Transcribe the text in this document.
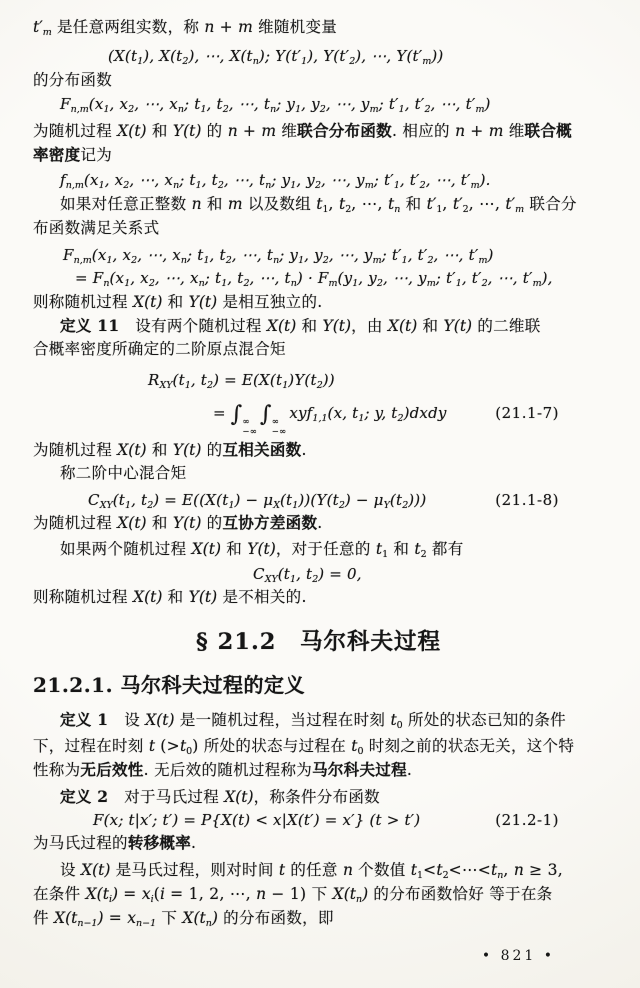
$t'_m$ 是任意两组实数，称 n + m 维随机变量
($X(t_1)$, $X(t_2)$, ⋯, $X(t_n)$; $Y(t'_1)$, $Y(t'_2)$, ⋯, $Y(t'_m)$)
的分布函数
$F_{n,m}(x_1$, $x_2$, ⋯, $x_n$; $t_1$, $t_2$, ⋯, $t_n$; $y_1$, $y_2$, ⋯, $y_m$; $t'_1$, $t'_2$, ⋯, $t'_m$)
为随机过程 X(t) 和 Y(t) 的 n + m 维联合分布函数. 相应的 n + m 维联合概
率密度记为
$f_{n,m}(x_1$, $x_2$, ⋯, $x_n$; $t_1$, $t_2$, ⋯, $t_n$; $y_1$, $y_2$, ⋯, $y_m$; $t'_1$, $t'_2$, ⋯, $t'_m$).
如果对任意正整数 n 和 m 以及数组 $t_1$, $t_2$, ⋯, $t_n$ 和 $t'_1$, $t'_2$, ⋯, $t'_m$ 联合分
布函数满足关系式
$F_{n,m}(x_1$, $x_2$, ⋯, $x_n$; $t_1$, $t_2$, ⋯, $t_n$; $y_1$, $y_2$, ⋯, $y_m$; $t'_1$, $t'_2$, ⋯, $t'_m$)
= $F_n(x_1$, $x_2$, ⋯, $x_n$; $t_1$, $t_2$, ⋯, $t_n) \cdot F_m(y_1$, $y_2$, ⋯, $y_m$; $t'_1$, $t'_2$, ⋯, $t'_m$),
则称随机过程 X(t) 和 Y(t) 是相互独立的.
定义 11　设有两个随机过程 X(t) 和 Y(t)，由 X(t) 和 Y(t) 的二维联
合概率密度所确定的二阶原点混合矩
$R_{XY}(t_1$, $t_2) = E(X(t_1)Y(t_2))$
= ∫ ∞
−∞
∫ ∞
−∞
xyf$_{1,1}$(x, $t_1$; y, $t_2)dxdy$	(21.1-7)
为随机过程 X(t) 和 Y(t) 的互相关函数.
称二阶中心混合矩
$C_{XY}(t_1$, $t_2) = E((X(t_1) - \mu_X(t_1))(Y(t_2) - \mu_Y(t_2)))$	(21.1-8)
为随机过程 X(t) 和 Y(t) 的互协方差函数.
如果两个随机过程 X(t) 和 Y(t)，对于任意的 $t_1$ 和 $t_2$ 都有
$C_{XY}(t_1$, $t_2) = 0$,
则称随机过程 X(t) 和 Y(t) 是不相关的.
§ 21.2　马尔科夫过程
21.2.1. 马尔科夫过程的定义
定义 1　设 X(t) 是一随机过程，当过程在时刻 $t_0$ 所处的状态已知的条件
下，过程在时刻 t $(>t_0)$ 所处的状态与过程在 $t_0$ 时刻之前的状态无关，这个特
性称为无后效性. 无后效的随机过程称为马尔科夫过程.
定义 2　对于马氏过程 X(t)，称条件分布函数
F(x; t|x′; t′) = P{X(t) < x|X(t′) = x′} (t > t′)	(21.2-1)
为马氏过程的转移概率.
设 X(t) 是马氏过程，则对时间 t 的任意 n 个数值 $t_1<t_2<\cdots<t_n$, n ≥ 3,
在条件 $X(t_i) = x_i(i = 1$, 2, ⋯, n − 1) 下 $X(t_n)$ 的分布函数恰好 等于在条
件 $X(t_{n-1}) = x_{n-1}$ 下 $X(t_n)$ 的分布函数，即
• 821 •
